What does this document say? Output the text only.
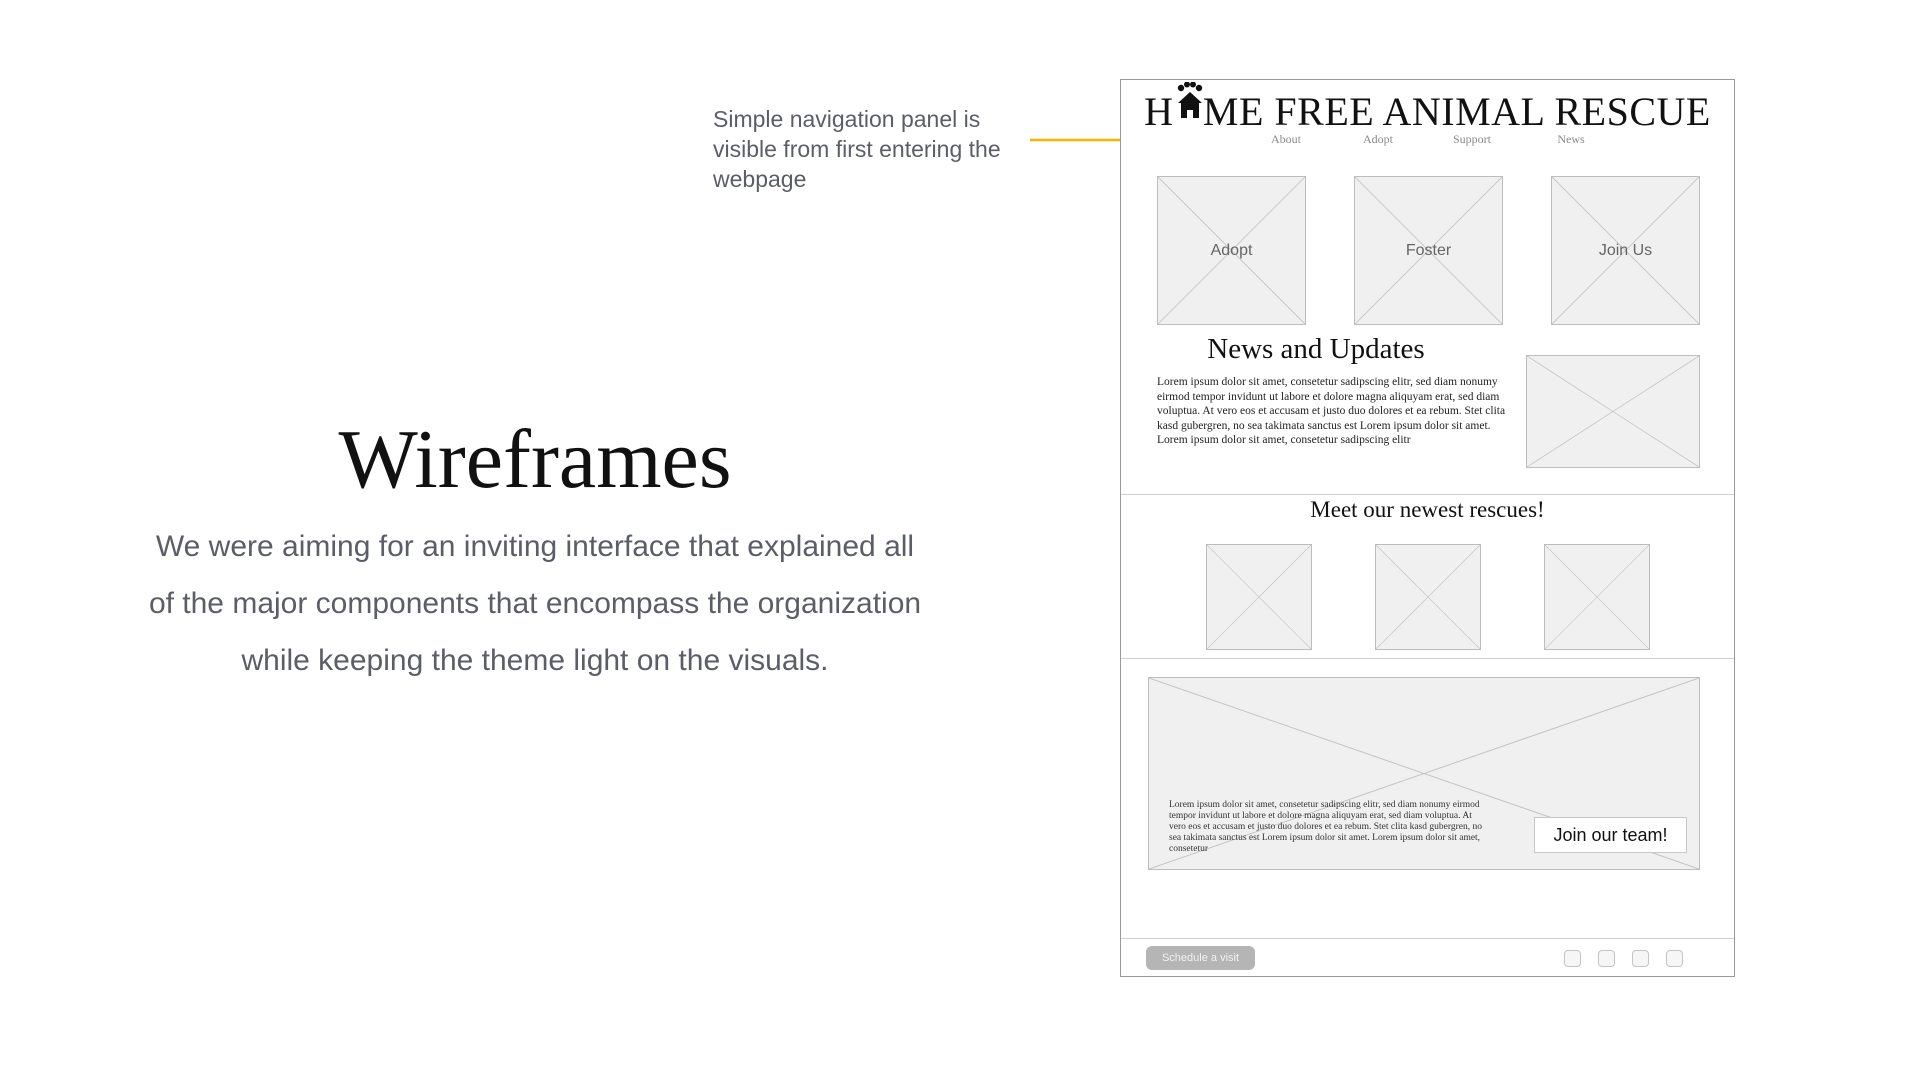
Wireframes
We were aiming for an inviting interface that explained all of the major components that encompass the organization while keeping the theme light on the visuals.
Simple navigation panel is visible from first entering the webpage
H ME FREE ANIMAL RESCUE
About	Adopt	Support	News
Adopt	Foster	Join Us
News and Updates
Lorem ipsum dolor sit amet, consetetur sadipscing elitr, sed diam nonumy eirmod tempor invidunt ut labore et dolore magna aliquyam erat, sed diam voluptua. At vero eos et accusam et justo duo dolores et ea rebum. Stet clita kasd gubergren, no sea takimata sanctus est Lorem ipsum dolor sit amet. Lorem ipsum dolor sit amet, consetetur sadipscing elitr
Meet our newest rescues!
Lorem ipsum dolor sit amet, consetetur sadipscing elitr, sed diam nonumy eirmod tempor invidunt ut labore et dolore magna aliquyam erat, sed diam voluptua. At vero eos et accusam et justo duo dolores et ea rebum. Stet clita kasd gubergren, no sea takimata sanctus est Lorem ipsum dolor sit amet. Lorem ipsum dolor sit amet, consetetur
Join our team!
Schedule a visit
